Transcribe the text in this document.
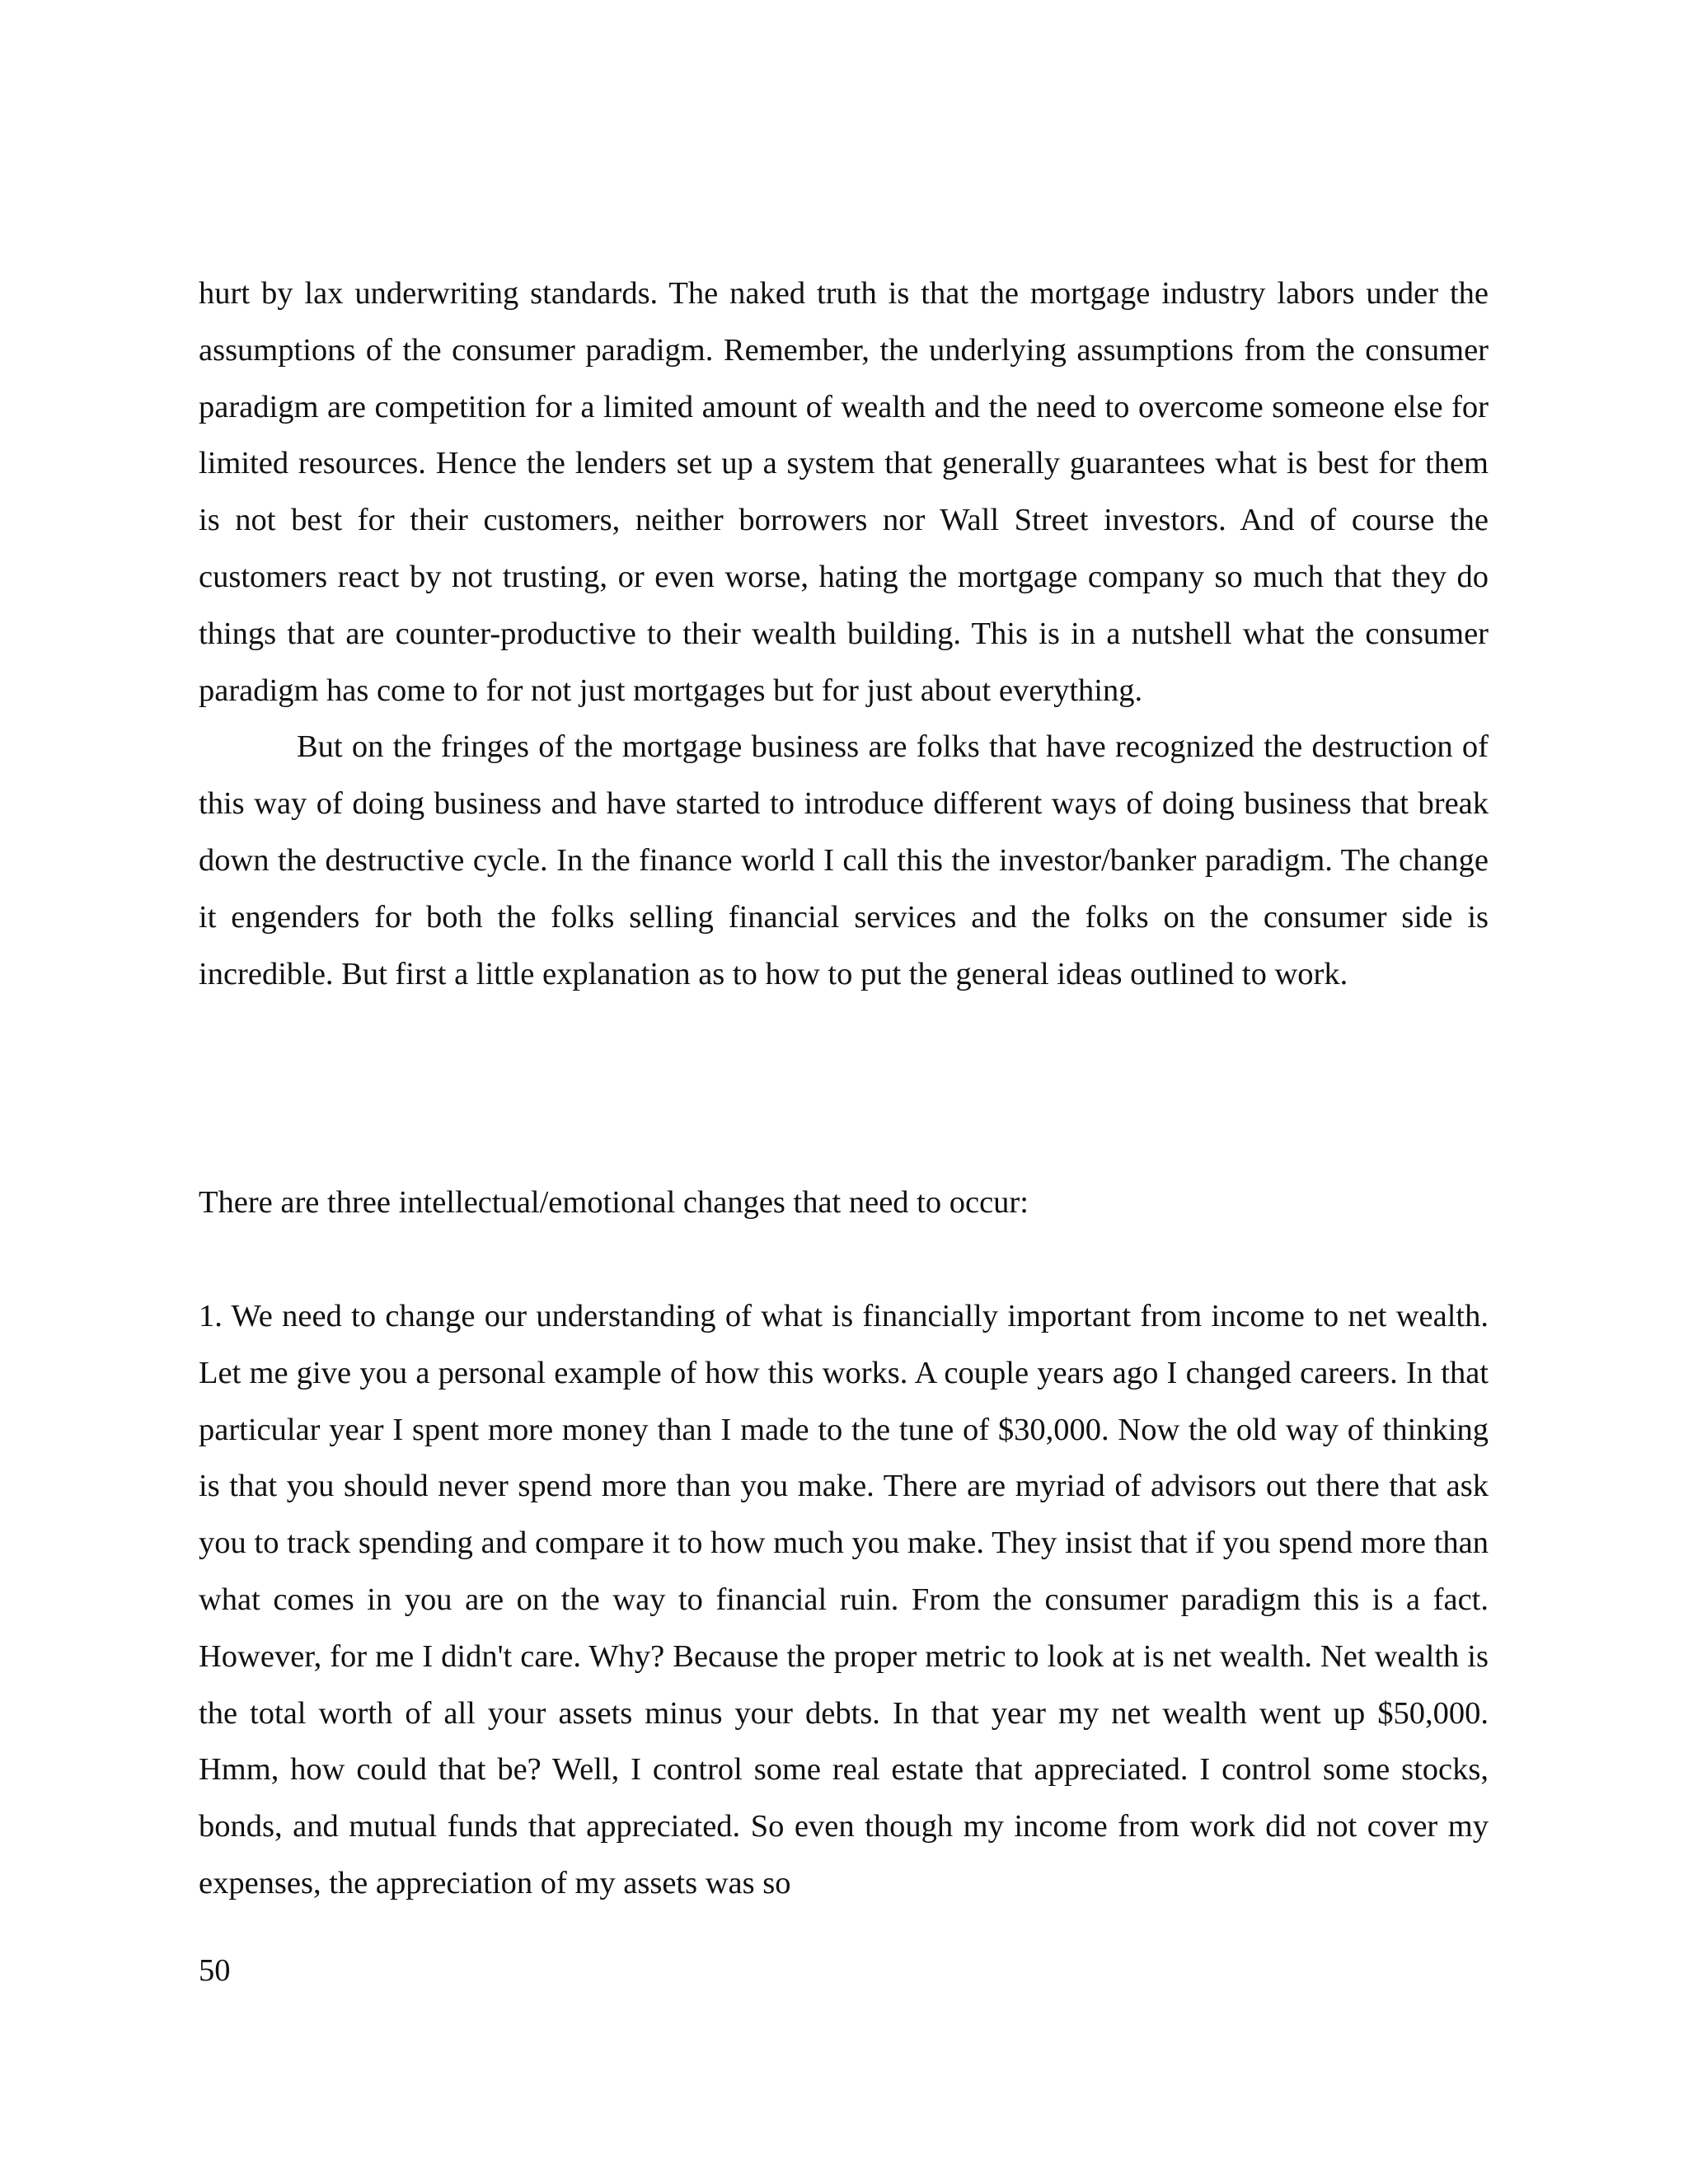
hurt by lax underwriting standards. The naked truth is that the mortgage industry labors under the assumptions of the consumer paradigm. Remember, the underlying assumptions from the consumer paradigm are competition for a limited amount of wealth and the need to overcome someone else for limited resources. Hence the lenders set up a system that generally guarantees what is best for them is not best for their customers, neither borrowers nor Wall Street investors. And of course the customers react by not trusting, or even worse, hating the mortgage company so much that they do things that are counter-productive to their wealth building. This is in a nutshell what the consumer paradigm has come to for not just mortgages but for just about everything.

But on the fringes of the mortgage business are folks that have recognized the destruction of this way of doing business and have started to introduce different ways of doing business that break down the destructive cycle. In the finance world I call this the investor/banker paradigm. The change it engenders for both the folks selling financial services and the folks on the consumer side is incredible. But first a little explanation as to how to put the general ideas outlined to work.

There are three intellectual/emotional changes that need to occur:

1. We need to change our understanding of what is financially important from income to net wealth. Let me give you a personal example of how this works. A couple years ago I changed careers. In that particular year I spent more money than I made to the tune of $30,000. Now the old way of thinking is that you should never spend more than you make. There are myriad of advisors out there that ask you to track spending and compare it to how much you make. They insist that if you spend more than what comes in you are on the way to financial ruin. From the consumer paradigm this is a fact. However, for me I didn't care. Why? Because the proper metric to look at is net wealth. Net wealth is the total worth of all your assets minus your debts. In that year my net wealth went up $50,000. Hmm, how could that be? Well, I control some real estate that appreciated. I control some stocks, bonds, and mutual funds that appreciated. So even though my income from work did not cover my expenses, the appreciation of my assets was so

50
